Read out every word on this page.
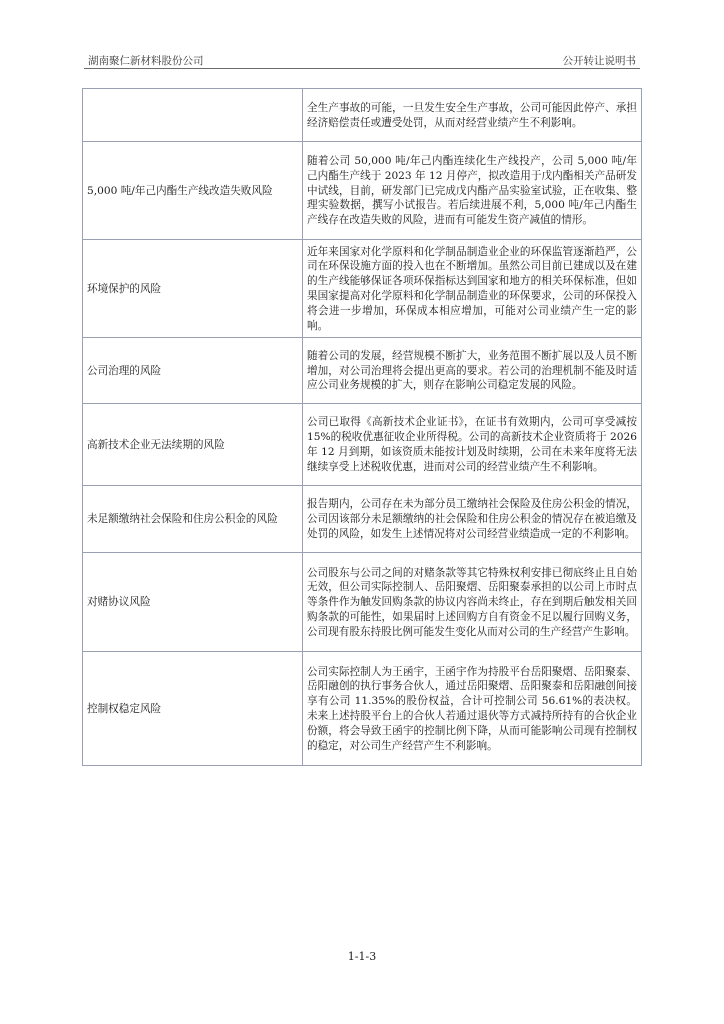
湖南聚仁新材料股份公司	公开转让说明书
	全生产事故的可能，一旦发生安全生产事故，公司可能因此停产、承担经济赔偿责任或遭受处罚，从而对经营业绩产生不利影响。
5,000 吨/年己内酯生产线改造失败风险	随着公司 50,000 吨/年己内酯连续化生产线投产，公司 5,000 吨/年己内酯生产线于 2023 年 12 月停产，拟改造用于戊内酯相关产品研发中试线，目前，研发部门已完成戊内酯产品实验室试验，正在收集、整理实验数据，撰写小试报告。若后续进展不利，5,000 吨/年己内酯生产线存在改造失败的风险，进而有可能发生资产减值的情形。
环境保护的风险	近年来国家对化学原料和化学制品制造业企业的环保监管逐渐趋严，公司在环保设施方面的投入也在不断增加。虽然公司目前已建成以及在建的生产线能够保证各项环保指标达到国家和地方的相关环保标准，但如果国家提高对化学原料和化学制品制造业的环保要求，公司的环保投入将会进一步增加，环保成本相应增加，可能对公司业绩产生一定的影响。
公司治理的风险	随着公司的发展，经营规模不断扩大，业务范围不断扩展以及人员不断增加，对公司治理将会提出更高的要求。若公司的治理机制不能及时适应公司业务规模的扩大，则存在影响公司稳定发展的风险。
高新技术企业无法续期的风险	公司已取得《高新技术企业证书》，在证书有效期内，公司可享受减按 15%的税收优惠征收企业所得税。公司的高新技术企业资质将于 2026 年 12 月到期，如该资质未能按计划及时续期，公司在未来年度将无法继续享受上述税收优惠，进而对公司的经营业绩产生不利影响。
未足额缴纳社会保险和住房公积金的风险	报告期内，公司存在未为部分员工缴纳社会保险及住房公积金的情况，公司因该部分未足额缴纳的社会保险和住房公积金的情况存在被追缴及处罚的风险，如发生上述情况将对公司经营业绩造成一定的不利影响。
对赌协议风险	公司股东与公司之间的对赌条款等其它特殊权利安排已彻底终止且自始无效，但公司实际控制人、岳阳聚熠、岳阳聚泰承担的以公司上市时点等条件作为触发回购条款的协议内容尚未终止，存在到期后触发相关回购条款的可能性，如果届时上述回购方自有资金不足以履行回购义务，公司现有股东持股比例可能发生变化从而对公司的生产经营产生影响。
控制权稳定风险	公司实际控制人为王函宇，王函宇作为持股平台岳阳聚熠、岳阳聚泰、岳阳融创的执行事务合伙人，通过岳阳聚熠、岳阳聚泰和岳阳融创间接享有公司 11.35%的股份权益，合计可控制公司 56.61%的表决权。未来上述持股平台上的合伙人若通过退伙等方式减持所持有的合伙企业份额，将会导致王函宇的控制比例下降，从而可能影响公司现有控制权的稳定，对公司生产经营产生不利影响。
1-1-3
